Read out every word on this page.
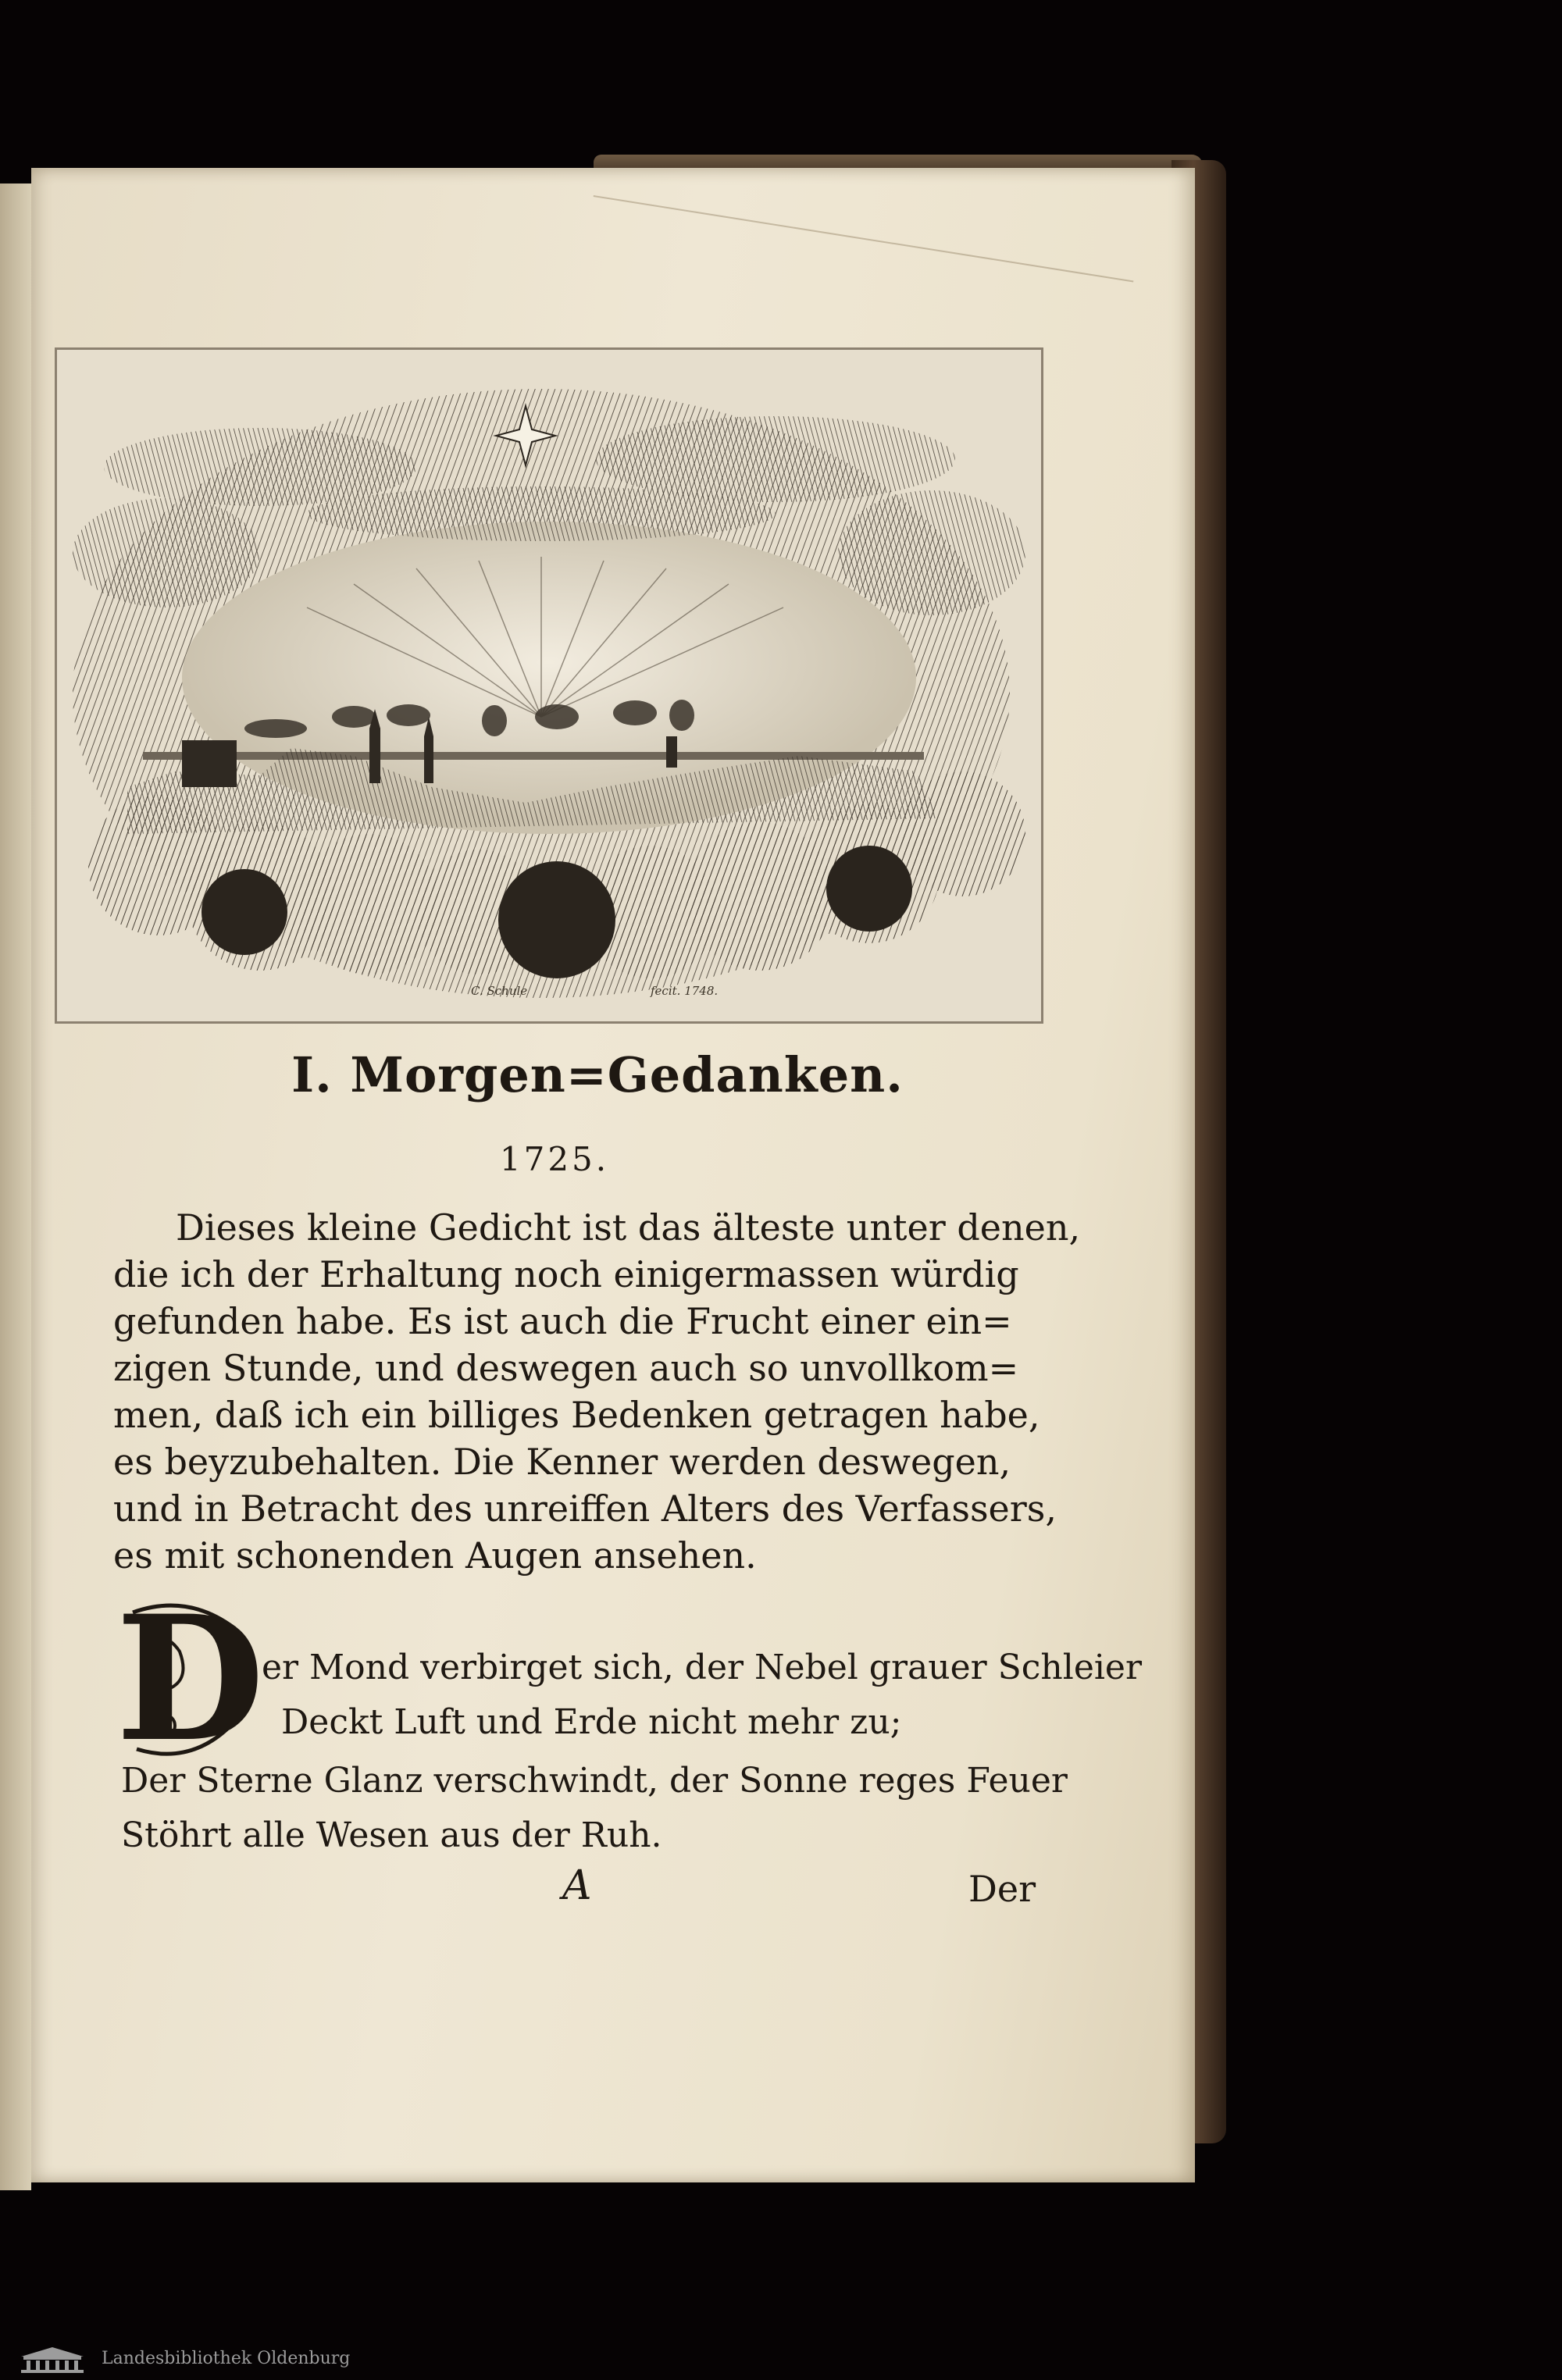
C. Schule	fecit. 1748.
I. Morgen=Gedanken.
1725.
Dieses kleine Gedicht ist das älteste unter denen,
die ich der Erhaltung noch einigermassen würdig
gefunden habe. Es ist auch die Frucht einer ein=
zigen Stunde, und deswegen auch so unvollkom=
men, daß ich ein billiges Bedenken getragen habe,
es beyzubehalten. Die Kenner werden deswegen,
und in Betracht des unreiffen Alters des Verfassers,
es mit schonenden Augen ansehen.
D
er Mond verbirget sich, der Nebel grauer Schleier
Deckt Luft und Erde nicht mehr zu;
Der Sterne Glanz verschwindt, der Sonne reges Feuer
Stöhrt alle Wesen aus der Ruh.
A	Der
Landesbibliothek Oldenburg
